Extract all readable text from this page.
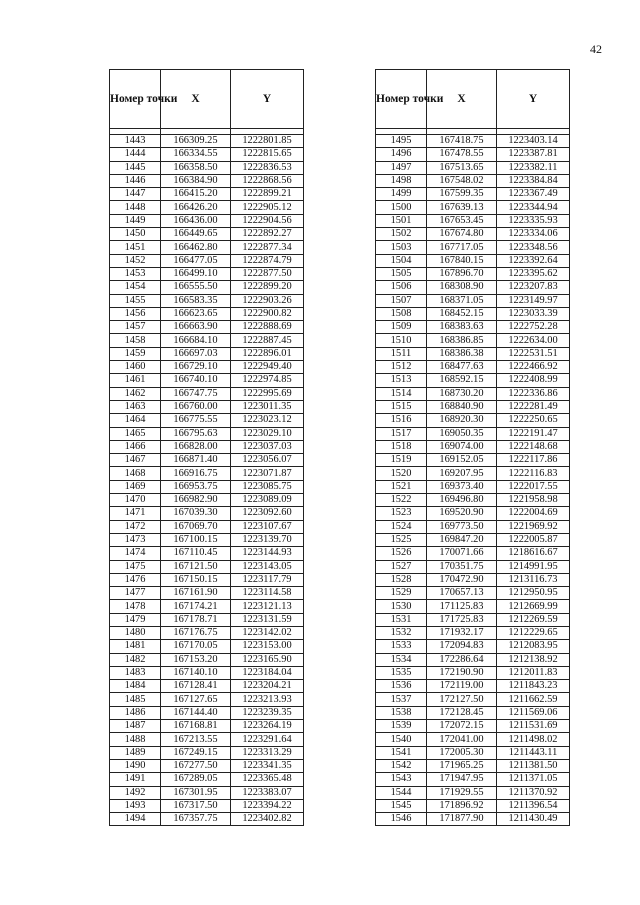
42
Номер точки	X	Y

1443	166309.25	1222801.85
1444	166334.55	1222815.65
1445	166358.50	1222836.53
1446	166384.90	1222868.56
1447	166415.20	1222899.21
1448	166426.20	1222905.12
1449	166436.00	1222904.56
1450	166449.65	1222892.27
1451	166462.80	1222877.34
1452	166477.05	1222874.79
1453	166499.10	1222877.50
1454	166555.50	1222899.20
1455	166583.35	1222903.26
1456	166623.65	1222900.82
1457	166663.90	1222888.69
1458	166684.10	1222887.45
1459	166697.03	1222896.01
1460	166729.10	1222949.40
1461	166740.10	1222974.85
1462	166747.75	1222995.69
1463	166760.00	1223011.35
1464	166775.55	1223023.12
1465	166795.63	1223029.10
1466	166828.00	1223037.03
1467	166871.40	1223056.07
1468	166916.75	1223071.87
1469	166953.75	1223085.75
1470	166982.90	1223089.09
1471	167039.30	1223092.60
1472	167069.70	1223107.67
1473	167100.15	1223139.70
1474	167110.45	1223144.93
1475	167121.50	1223143.05
1476	167150.15	1223117.79
1477	167161.90	1223114.58
1478	167174.21	1223121.13
1479	167178.71	1223131.59
1480	167176.75	1223142.02
1481	167170.05	1223153.00
1482	167153.20	1223165.90
1483	167140.10	1223184.04
1484	167128.41	1223204.21
1485	167127.65	1223213.93
1486	167144.40	1223239.35
1487	167168.81	1223264.19
1488	167213.55	1223291.64
1489	167249.15	1223313.29
1490	167277.50	1223341.35
1491	167289.05	1223365.48
1492	167301.95	1223383.07
1493	167317.50	1223394.22
1494	167357.75	1223402.82
Номер точки	X	Y

1495	167418.75	1223403.14
1496	167478.55	1223387.81
1497	167513.65	1223382.11
1498	167548.02	1223384.84
1499	167599.35	1223367.49
1500	167639.13	1223344.94
1501	167653.45	1223335.93
1502	167674.80	1223334.06
1503	167717.05	1223348.56
1504	167840.15	1223392.64
1505	167896.70	1223395.62
1506	168308.90	1223207.83
1507	168371.05	1223149.97
1508	168452.15	1223033.39
1509	168383.63	1222752.28
1510	168386.85	1222634.00
1511	168386.38	1222531.51
1512	168477.63	1222466.92
1513	168592.15	1222408.99
1514	168730.20	1222336.86
1515	168840.90	1222281.49
1516	168920.30	1222250.65
1517	169050.35	1222191.47
1518	169074.00	1222148.68
1519	169152.05	1222117.86
1520	169207.95	1222116.83
1521	169373.40	1222017.55
1522	169496.80	1221958.98
1523	169520.90	1222004.69
1524	169773.50	1221969.92
1525	169847.20	1222005.87
1526	170071.66	1218616.67
1527	170351.75	1214991.95
1528	170472.90	1213116.73
1529	170657.13	1212950.95
1530	171125.83	1212669.99
1531	171725.83	1212269.59
1532	171932.17	1212229.65
1533	172094.83	1212083.95
1534	172286.64	1212138.92
1535	172190.90	1212011.83
1536	172119.00	1211843.23
1537	172127.50	1211662.59
1538	172128.45	1211569.06
1539	172072.15	1211531.69
1540	172041.00	1211498.02
1541	172005.30	1211443.11
1542	171965.25	1211381.50
1543	171947.95	1211371.05
1544	171929.55	1211370.92
1545	171896.92	1211396.54
1546	171877.90	1211430.49
